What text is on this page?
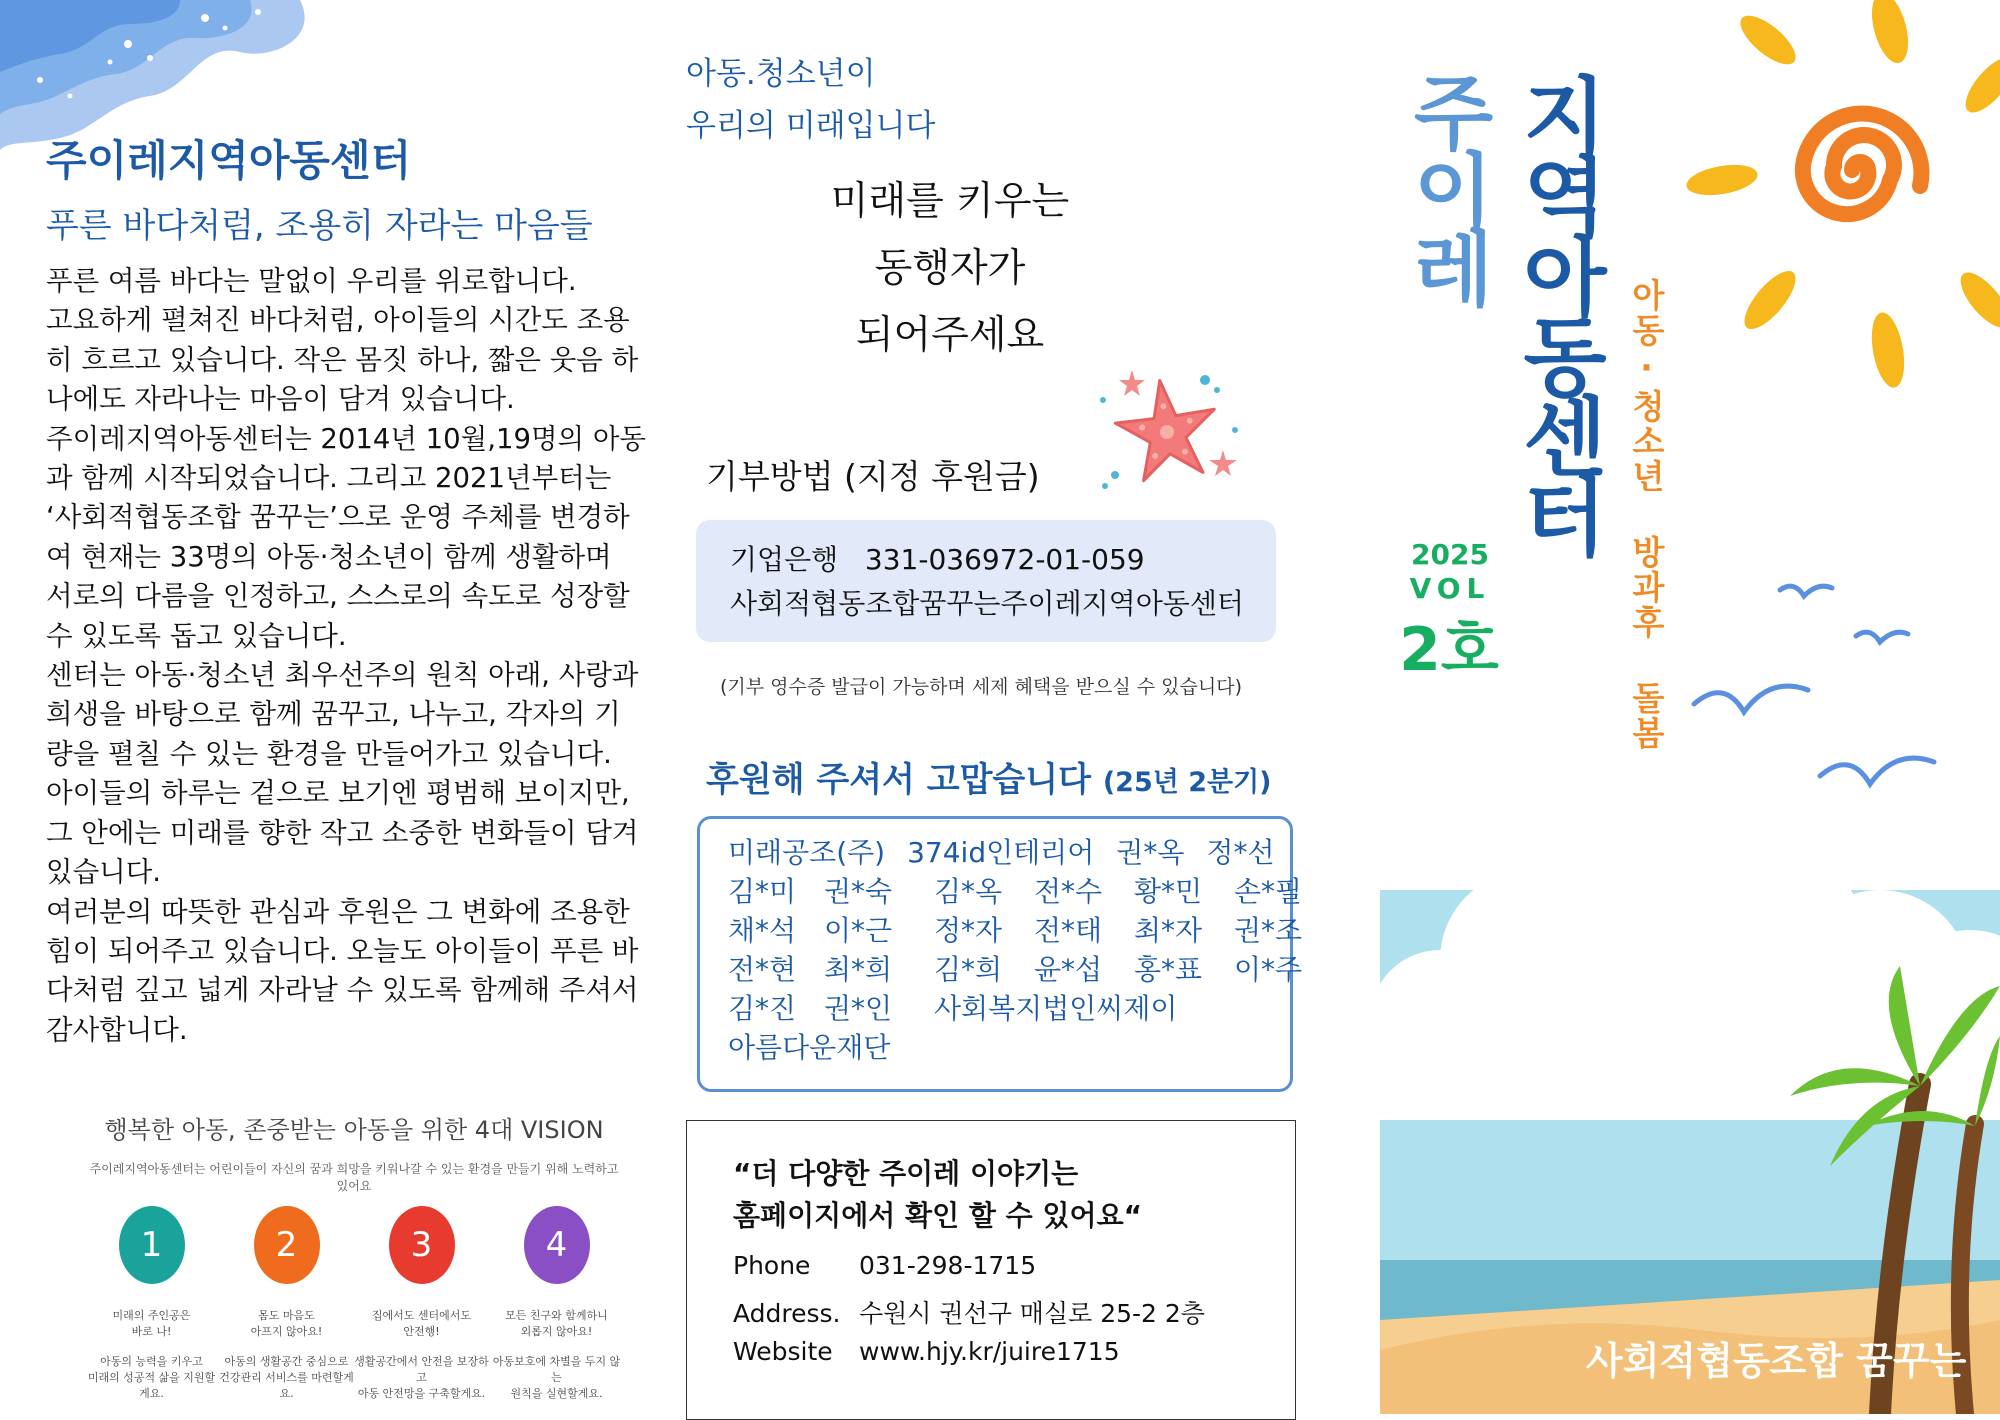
주이레지역아동센터
푸른 바다처럼, 조용히 자라는 마음들

푸른 여름 바다는 말없이 우리를 위로합니다.
고요하게 펼쳐진 바다처럼, 아이들의 시간도 조용
히 흐르고 있습니다. 작은 몸짓 하나, 짧은 웃음 하
나에도 자라나는 마음이 담겨 있습니다.

주이레지역아동센터는 2014년 10월,19명의 아동
과 함께 시작되었습니다. 그리고 2021년부터는
‘사회적협동조합 꿈꾸는’으로 운영 주체를 변경하
여 현재는 33명의 아동·청소년이 함께 생활하며
서로의 다름을 인정하고, 스스로의 속도로 성장할
수 있도록 돕고 있습니다.

센터는 아동·청소년 최우선주의 원칙 아래, 사랑과
희생을 바탕으로 함께 꿈꾸고, 나누고, 각자의 기
량을 펼칠 수 있는 환경을 만들어가고 있습니다.

아이들의 하루는 겉으로 보기엔 평범해 보이지만,
그 안에는 미래를 향한 작고 소중한 변화들이 담겨
있습니다.

여러분의 따뜻한 관심과 후원은 그 변화에 조용한
힘이 되어주고 있습니다. 오늘도 아이들이 푸른 바
다처럼 깊고 넓게 자라날 수 있도록 함께해 주셔서
감사합니다.

행복한 아동, 존중받는 아동을 위한 4대 VISION
주이레지역아동센터는 어린이들이 자신의 꿈과 희망을 키워나갈 수 있는 환경을 만들기 위해 노력하고 있어요
1
미래의 주인공은
바로 나!
아동의 능력을 키우고
미래의 성공적 삶을 지원할게요.
2
몸도 마음도
아프지 않아요!
아동의 생활공간 중심으로
건강관리 서비스를 마련할게요.
3
집에서도 센터에서도
안전행!
생활공간에서 안전을 보장하고
아동 안전망을 구축할게요.
4
모든 친구와 함께하니
외롭지 않아요!
아동보호에 차별을 두지 않는
원칙을 실현할게요.
아동.청소년이
우리의 미래입니다
미래를 키우는
동행자가
되어주세요
기부방법 (지정 후원금)
기업은행   331-036972-01-059
사회적협동조합꿈꾸는주이레지역아동센터
(기부 영수증 발급이 가능하며 세제 혜택을 받으실 수 있습니다)
후원해 주셔서 고맙습니다 (25년 2분기)
미래공조(주) 374id인테리어 권*옥 정*선
김*미 권*숙 김*옥 전*수 황*민 손*필
채*석 이*근 정*자 전*태 최*자 권*조
전*현 최*희 김*희 윤*섭 홍*표 이*주
김*진 권*인 사회복지법인씨제이
아름다운재단
“더 다양한 주이레 이야기는
홈페이지에서 확인 할 수 있어요“
Phone 031-298-1715
Address. 수원시 권선구 매실로 25-2 2층
Website www.hjy.kr/juire1715
주이레 지역아동센터 아동·청소년 방과후 돌봄
2025
VOL
2호
사회적협동조합 꿈꾸는
